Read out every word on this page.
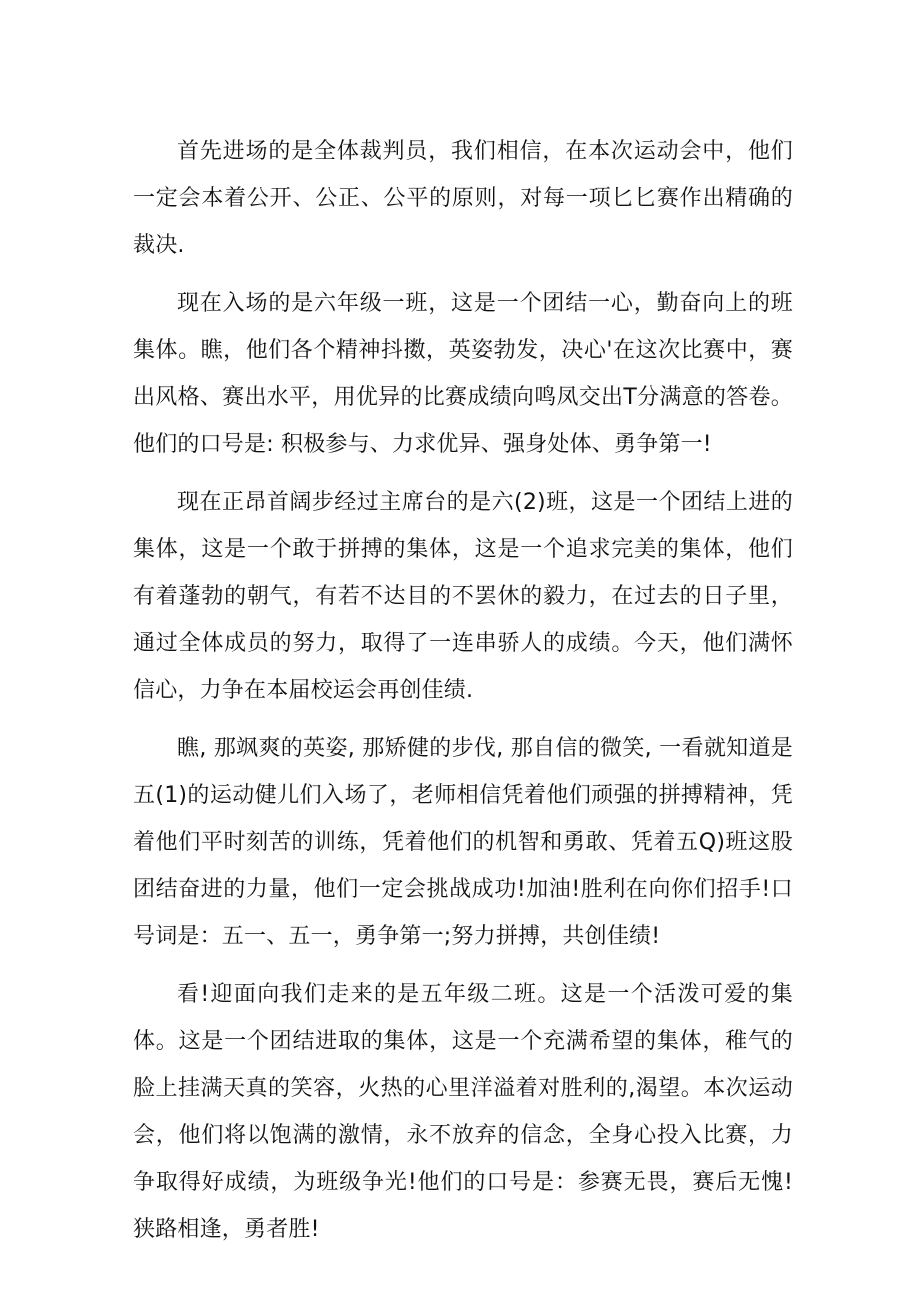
首先进场的是全体裁判员，我们相信，在本次运动会中，他们一定会本着公开、公正、公平的原则，对每一项匕匕赛作出精确的裁决.

现在入场的是六年级一班，这是一个团结一心，勤奋向上的班集体。瞧，他们各个精神抖擞，英姿勃发，决心'在这次比赛中，赛出风格、赛出水平，用优异的比赛成绩向鸣凤交出T分满意的答卷。他们的口号是: 积极参与、力求优异、强身处体、勇争第一!

现在正昂首阔步经过主席台的是六(2)班，这是一个团结上进的集体，这是一个敢于拼搏的集体，这是一个追求完美的集体，他们有着蓬勃的朝气，有若不达目的不罢休的毅力，在过去的日子里，通过全体成员的努力，取得了一连串骄人的成绩。今天，他们满怀信心，力争在本届校运会再创佳绩.

瞧, 那飒爽的英姿, 那矫健的步伐, 那自信的微笑, 一看就知道是五(1)的运动健儿们入场了，老师相信凭着他们顽强的拼搏精神，凭着他们平时刻苦的训练，凭着他们的机智和勇敢、凭着五Q)班这股团结奋进的力量，他们一定会挑战成功!加油!胜利在向你们招手!口号词是：五一、五一，勇争第一;努力拼搏，共创佳绩!

看!迎面向我们走来的是五年级二班。这是一个活泼可爱的集体。这是一个团结进取的集体，这是一个充满希望的集体，稚气的脸上挂满天真的笑容，火热的心里洋溢着对胜利的,渴望。本次运动会，他们将以饱满的激情，永不放弃的信念，全身心投入比赛，力争取得好成绩，为班级争光!他们的口号是：参赛无畏，赛后无愧!狭路相逢，勇者胜!
